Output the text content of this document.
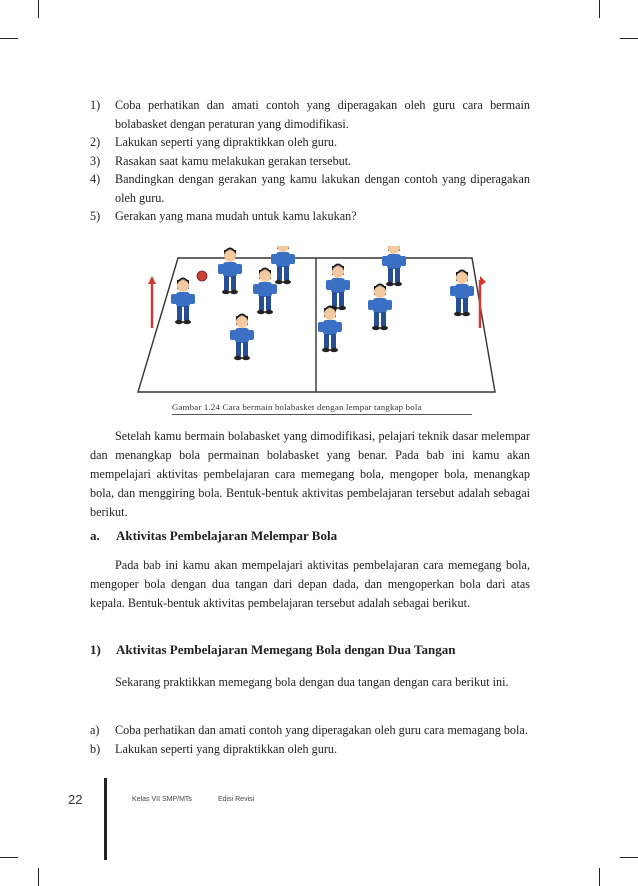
1) Coba perhatikan dan amati contoh yang diperagakan oleh guru cara bermain bolabasket dengan peraturan yang dimodifikasi.
2) Lakukan seperti yang dipraktikkan oleh guru.
3) Rasakan saat kamu melakukan gerakan tersebut.
4) Bandingkan dengan gerakan yang kamu lakukan dengan contoh yang diperagakan oleh guru.
5) Gerakan yang mana mudah untuk kamu lakukan?
Gambar 1.24 Cara bermain bolabasket dengan lempar tangkap bola
Setelah kamu bermain bolabasket yang dimodifikasi, pelajari teknik dasar melempar dan menangkap bola permainan bolabasket yang benar. Pada bab ini kamu akan mempelajari aktivitas pembelajaran cara memegang bola, mengoper bola, menangkap bola, dan menggiring bola. Bentuk-bentuk aktivitas pembelajaran tersebut adalah sebagai berikut.
a. Aktivitas Pembelajaran Melempar Bola
Pada bab ini kamu akan mempelajari aktivitas pembelajaran cara memegang bola, mengoper bola dengan dua tangan dari depan dada, dan mengoperkan bola dari atas kepala. Bentuk-bentuk aktivitas pembelajaran tersebut adalah sebagai berikut.
1) Aktivitas Pembelajaran Memegang Bola dengan Dua Tangan
Sekarang praktikkan memegang bola dengan dua tangan dengan cara berikut ini.
a) Coba perhatikan dan amati contoh yang diperagakan oleh guru cara memagang bola.
b) Lakukan seperti yang dipraktikkan oleh guru.
22	Kelas VII SMP/MTs	Edisi Revisi
